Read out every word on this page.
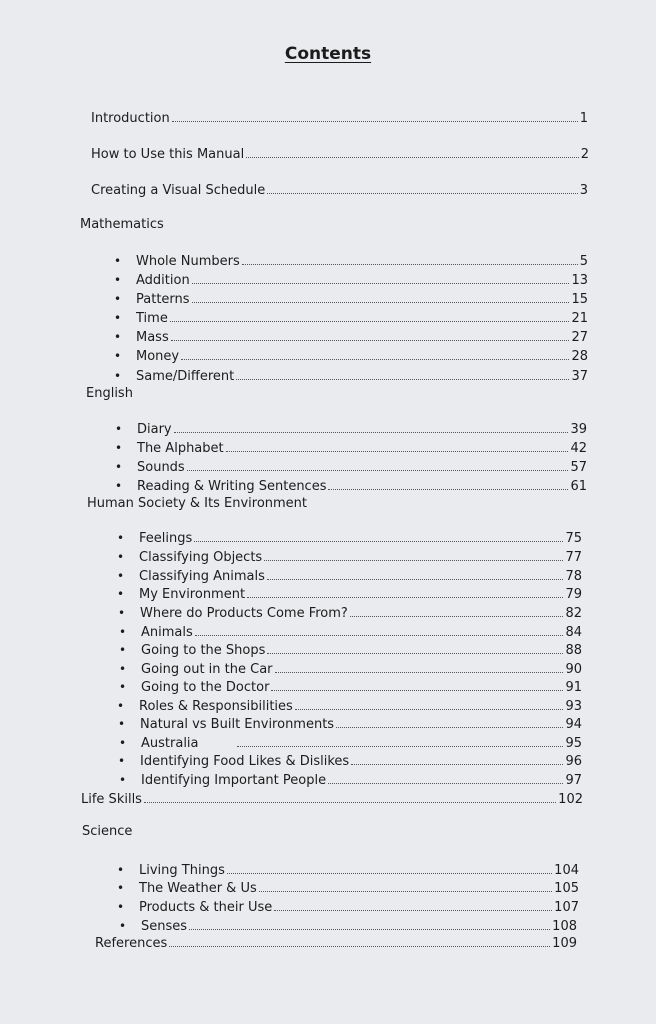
Contents
Introduction	1
How to Use this Manual	2
Creating a Visual Schedule	3
Mathematics
•	Whole Numbers	5
•	Addition	13
•	Patterns	15
•	Time	21
•	Mass	27
•	Money	28
•	Same/Different	37
English
•	Diary	39
•	The Alphabet	42
•	Sounds	57
•	Reading & Writing Sentences	61
Human Society & Its Environment
•	Feelings	75
•	Classifying Objects	77
•	Classifying Animals	78
•	My Environment	79
•	Where do Products Come From?	82
•	Animals	84
•	Going to the Shops	88
•	Going out in the Car	90
•	Going to the Doctor	91
•	Roles & Responsibilities	93
•	Natural vs Built Environments	94
•	Australia	95
•	Identifying Food Likes & Dislikes	96
•	Identifying Important People	97
Life Skills	102
Science
•	Living Things	104
•	The Weather & Us	105
•	Products & their Use	107
•	Senses	108
References	109
